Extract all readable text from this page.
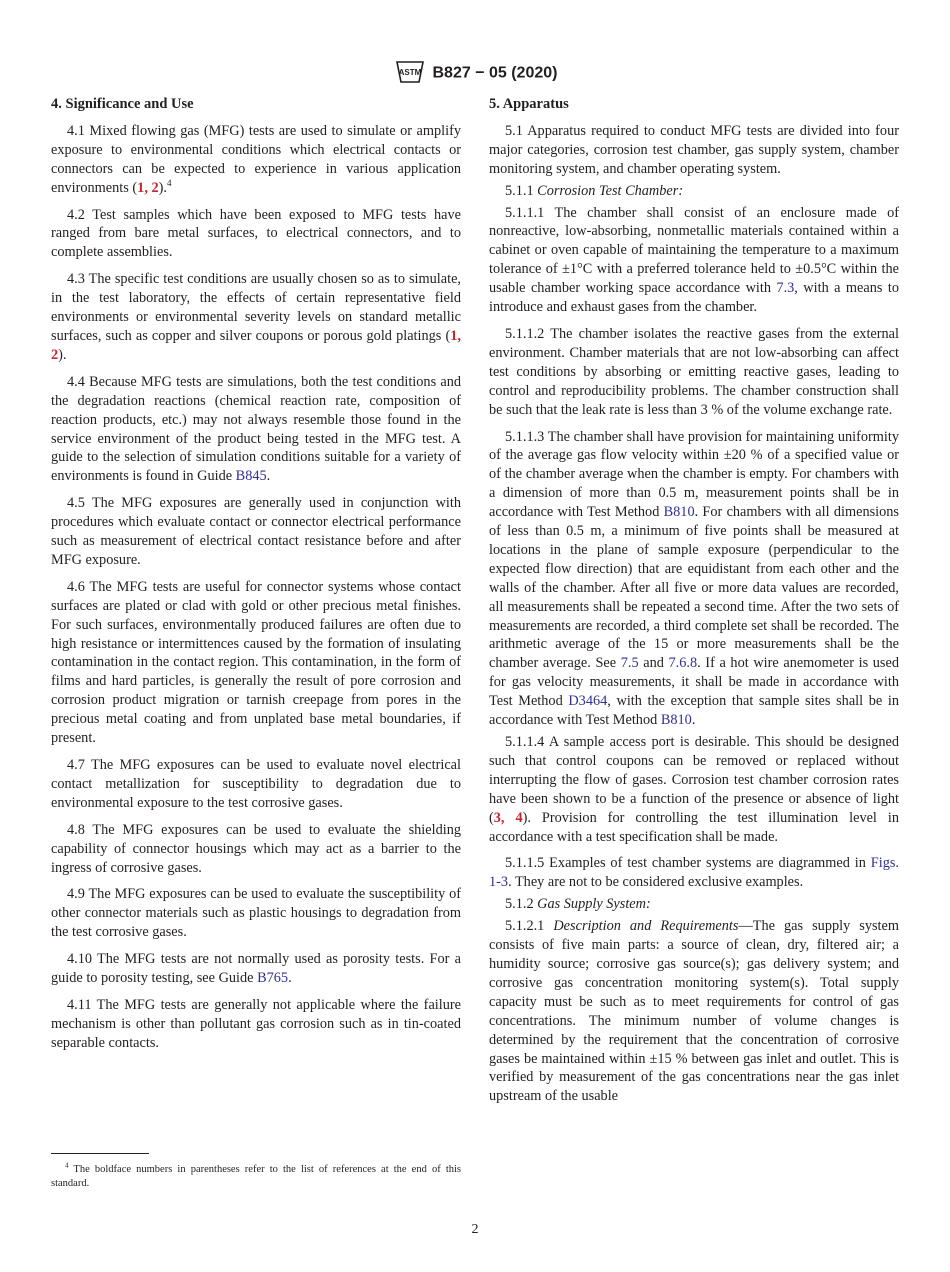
ASTM B827 − 05 (2020)
4. Significance and Use

4.1 Mixed flowing gas (MFG) tests are used to simulate or amplify exposure to environmental conditions which electrical contacts or connectors can be expected to experience in various application environments (1, 2).$^4$

4.2 Test samples which have been exposed to MFG tests have ranged from bare metal surfaces, to electrical connectors, and to complete assemblies.

4.3 The specific test conditions are usually chosen so as to simulate, in the test laboratory, the effects of certain representative field environments or environmental severity levels on standard metallic surfaces, such as copper and silver coupons or porous gold platings (1, 2).

4.4 Because MFG tests are simulations, both the test conditions and the degradation reactions (chemical reaction rate, composition of reaction products, etc.) may not always resemble those found in the service environment of the product being tested in the MFG test. A guide to the selection of simulation conditions suitable for a variety of environments is found in Guide B845.

4.5 The MFG exposures are generally used in conjunction with procedures which evaluate contact or connector electrical performance such as measurement of electrical contact resistance before and after MFG exposure.

4.6 The MFG tests are useful for connector systems whose contact surfaces are plated or clad with gold or other precious metal finishes. For such surfaces, environmentally produced failures are often due to high resistance or intermittences caused by the formation of insulating contamination in the contact region. This contamination, in the form of films and hard particles, is generally the result of pore corrosion and corrosion product migration or tarnish creepage from pores in the precious metal coating and from unplated base metal boundaries, if present.

4.7 The MFG exposures can be used to evaluate novel electrical contact metallization for susceptibility to degradation due to environmental exposure to the test corrosive gases.

4.8 The MFG exposures can be used to evaluate the shielding capability of connector housings which may act as a barrier to the ingress of corrosive gases.

4.9 The MFG exposures can be used to evaluate the susceptibility of other connector materials such as plastic housings to degradation from the test corrosive gases.

4.10 The MFG tests are not normally used as porosity tests. For a guide to porosity testing, see Guide B765.

4.11 The MFG tests are generally not applicable where the failure mechanism is other than pollutant gas corrosion such as in tin-coated separable contacts.

5. Apparatus

5.1 Apparatus required to conduct MFG tests are divided into four major categories, corrosion test chamber, gas supply system, chamber monitoring system, and chamber operating system.

5.1.1 Corrosion Test Chamber:

5.1.1.1 The chamber shall consist of an enclosure made of nonreactive, low-absorbing, nonmetallic materials contained within a cabinet or oven capable of maintaining the temperature to a maximum tolerance of ±1°C with a preferred tolerance held to ±0.5°C within the usable chamber working space accordance with 7.3, with a means to introduce and exhaust gases from the chamber.

5.1.1.2 The chamber isolates the reactive gases from the external environment. Chamber materials that are not low-absorbing can affect test conditions by absorbing or emitting reactive gases, leading to control and reproducibility problems. The chamber construction shall be such that the leak rate is less than 3 % of the volume exchange rate.

5.1.1.3 The chamber shall have provision for maintaining uniformity of the average gas flow velocity within ±20 % of a specified value or of the chamber average when the chamber is empty. For chambers with a dimension of more than 0.5 m, measurement points shall be in accordance with Test Method B810. For chambers with all dimensions of less than 0.5 m, a minimum of five points shall be measured at locations in the plane of sample exposure (perpendicular to the expected flow direction) that are equidistant from each other and the walls of the chamber. After all five or more data values are recorded, all measurements shall be repeated a second time. After the two sets of measurements are recorded, a third complete set shall be recorded. The arithmetic average of the 15 or more measurements shall be the chamber average. See 7.5 and 7.6.8. If a hot wire anemometer is used for gas velocity measurements, it shall be made in accordance with Test Method D3464, with the exception that sample sites shall be in accordance with Test Method B810.

5.1.1.4 A sample access port is desirable. This should be designed such that control coupons can be removed or replaced without interrupting the flow of gases. Corrosion test chamber corrosion rates have been shown to be a function of the presence or absence of light (3, 4). Provision for controlling the test illumination level in accordance with a test specification shall be made.

5.1.1.5 Examples of test chamber systems are diagrammed in Figs. 1-3. They are not to be considered exclusive examples.

5.1.2 Gas Supply System:

5.1.2.1 Description and Requirements—The gas supply system consists of five main parts: a source of clean, dry, filtered air; a humidity source; corrosive gas source(s); gas delivery system; and corrosive gas concentration monitoring system(s). Total supply capacity must be such as to meet requirements for control of gas concentrations. The minimum number of volume changes is determined by the requirement that the concentration of corrosive gases be maintained within ±15 % between gas inlet and outlet. This is verified by measurement of the gas concentrations near the gas inlet upstream of the usable

$^4$ The boldface numbers in parentheses refer to the list of references at the end of this standard.
2
